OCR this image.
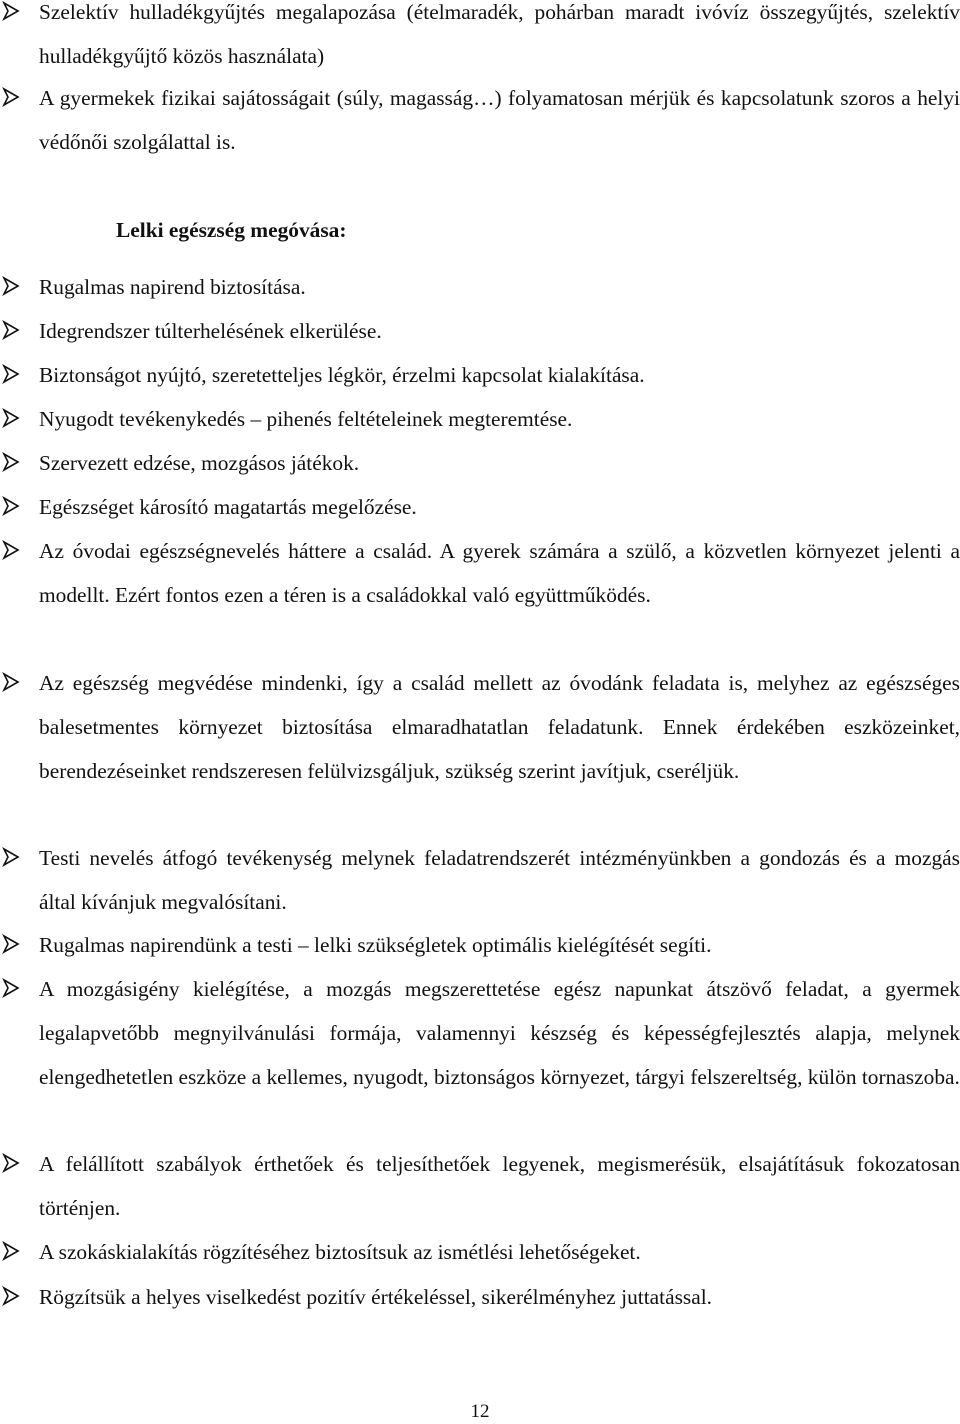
Szelektív hulladékgyűjtés megalapozása (ételmaradék, pohárban maradt ivóvíz összegyűjtés, szelektív hulladékgyűjtő közös használata)
A gyermekek fizikai sajátosságait (súly, magasság…) folyamatosan mérjük és kapcsolatunk szoros a helyi védőnői szolgálattal is.
Lelki egészség megóvása:
Rugalmas napirend biztosítása.
Idegrendszer túlterhelésének elkerülése.
Biztonságot nyújtó, szeretetteljes légkör, érzelmi kapcsolat kialakítása.
Nyugodt tevékenykedés – pihenés feltételeinek megteremtése.
Szervezett edzése, mozgásos játékok.
Egészséget károsító magatartás megelőzése.
Az óvodai egészségnevelés háttere a család. A gyerek számára a szülő, a közvetlen környezet jelenti a modellt. Ezért fontos ezen a téren is a családokkal való együttműködés.
Az egészség megvédése mindenki, így a család mellett az óvodánk feladata is, melyhez az egészséges balesetmentes környezet biztosítása elmaradhatatlan feladatunk. Ennek érdekében eszközeinket, berendezéseinket rendszeresen felülvizsgáljuk, szükség szerint javítjuk, cseréljük.
Testi nevelés átfogó tevékenység melynek feladatrendszerét intézményünkben a gondozás és a mozgás által kívánjuk megvalósítani.
Rugalmas napirendünk a testi – lelki szükségletek optimális kielégítését segíti.
A mozgásigény kielégítése, a mozgás megszerettetése egész napunkat átszövő feladat, a gyermek legalapvetőbb megnyilvánulási formája, valamennyi készség és képességfejlesztés alapja, melynek elengedhetetlen eszköze a kellemes, nyugodt, biztonságos környezet, tárgyi felszereltség, külön tornaszoba.
A felállított szabályok érthetőek és teljesíthetőek legyenek, megismerésük, elsajátításuk fokozatosan történjen.
A szokáskialakítás rögzítéséhez biztosítsuk az ismétlési lehetőségeket.
Rögzítsük a helyes viselkedést pozitív értékeléssel, sikerélményhez juttatással.
12
